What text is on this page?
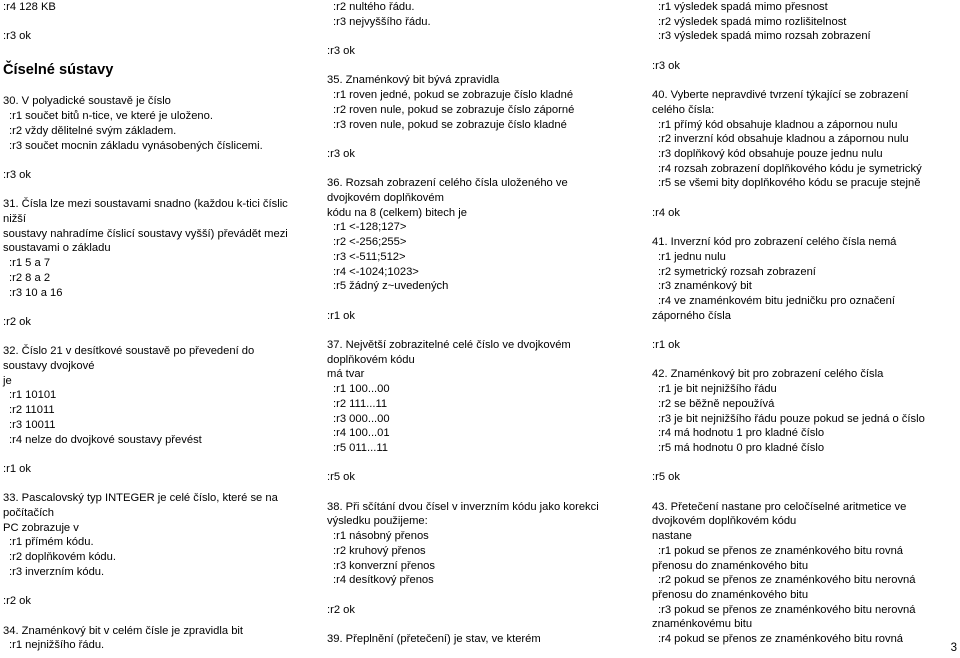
:r4 128 KB
:r3 ok
Číselné sústavy
30. V polyadické soustavě je číslo
:r1 součet bitů n-tice, ve které je uloženo.
:r2 vždy dělitelné svým základem.
:r3 součet mocnin základu vynásobených číslicemi.
:r3 ok
31. Čísla lze mezi soustavami snadno (každou k-tici číslic
nižší
soustavy nahradíme číslicí soustavy vyšší) převádět mezi
soustavami o základu
:r1 5 a 7
:r2 8 a 2
:r3 10 a 16
:r2 ok
32. Číslo 21 v desítkové soustavě po převedení do
soustavy dvojkové
je
:r1 10101
:r2 11011
:r3 10011
:r4 nelze do dvojkové soustavy převést
:r1 ok
33. Pascalovský typ INTEGER je celé číslo, které se na
počítačích
PC zobrazuje v
:r1 přímém kódu.
:r2 doplňkovém kódu.
:r3 inverzním kódu.
:r2 ok
34. Znaménkový bit v celém čísle je zpravidla bit
:r1 nejnižšího řádu.
:r2 nultého řádu.
:r3 nejvyššího řádu.
:r3 ok
35. Znaménkový bit bývá zpravidla
:r1 roven jedné, pokud se zobrazuje číslo kladné
:r2 roven nule, pokud se zobrazuje číslo záporné
:r3 roven nule, pokud se zobrazuje číslo kladné
:r3 ok
36. Rozsah zobrazení celého čísla uloženého ve
dvojkovém doplňkovém
kódu na 8 (celkem) bitech je
:r1 <-128;127>
:r2 <-256;255>
:r3 <-511;512>
:r4 <-1024;1023>
:r5 žádný z~uvedených
:r1 ok
37. Největší zobrazitelné celé číslo ve dvojkovém
doplňkovém kódu
má tvar
:r1 100...00
:r2 111...11
:r3 000...00
:r4 100...01
:r5 011...11
:r5 ok
38. Při sčítání dvou čísel v inverzním kódu jako korekci
výsledku použijeme:
:r1 násobný přenos
:r2 kruhový přenos
:r3 konverzní přenos
:r4 desítkový přenos
:r2 ok
39. Přeplnění (přetečení) je stav, ve kterém
:r1 výsledek spadá mimo přesnost
:r2 výsledek spadá mimo rozlišitelnost
:r3 výsledek spadá mimo rozsah zobrazení
:r3 ok
40. Vyberte nepravdivé tvrzení týkající se zobrazení
celého čísla:
:r1 přímý kód obsahuje kladnou a zápornou nulu
:r2 inverzní kód obsahuje kladnou a zápornou nulu
:r3 doplňkový kód obsahuje pouze jednu nulu
:r4 rozsah zobrazení doplňkového kódu je symetrický
:r5 se všemi bity doplňkového kódu se pracuje stejně
:r4 ok
41. Inverzní kód pro zobrazení celého čísla nemá
:r1 jednu nulu
:r2 symetrický rozsah zobrazení
:r3 znaménkový bit
:r4 ve znaménkovém bitu jedničku pro označení
záporného čísla
:r1 ok
42. Znaménkový bit pro zobrazení celého čísla
:r1 je bit nejnižšího řádu
:r2 se běžně nepoužívá
:r3 je bit nejnižšího řádu pouze pokud se jedná o číslo
:r4 má hodnotu 1 pro kladné číslo
:r5 má hodnotu 0 pro kladné číslo
:r5 ok
43. Přetečení nastane pro celočíselné aritmetice ve
dvojkovém doplňkovém kódu
nastane
:r1 pokud se přenos ze znaménkového bitu rovná
přenosu do znaménkového bitu
:r2 pokud se přenos ze znaménkového bitu nerovná
přenosu do znaménkového bitu
:r3 pokud se přenos ze znaménkového bitu nerovná
znaménkovému bitu
:r4 pokud se přenos ze znaménkového bitu rovná
3
